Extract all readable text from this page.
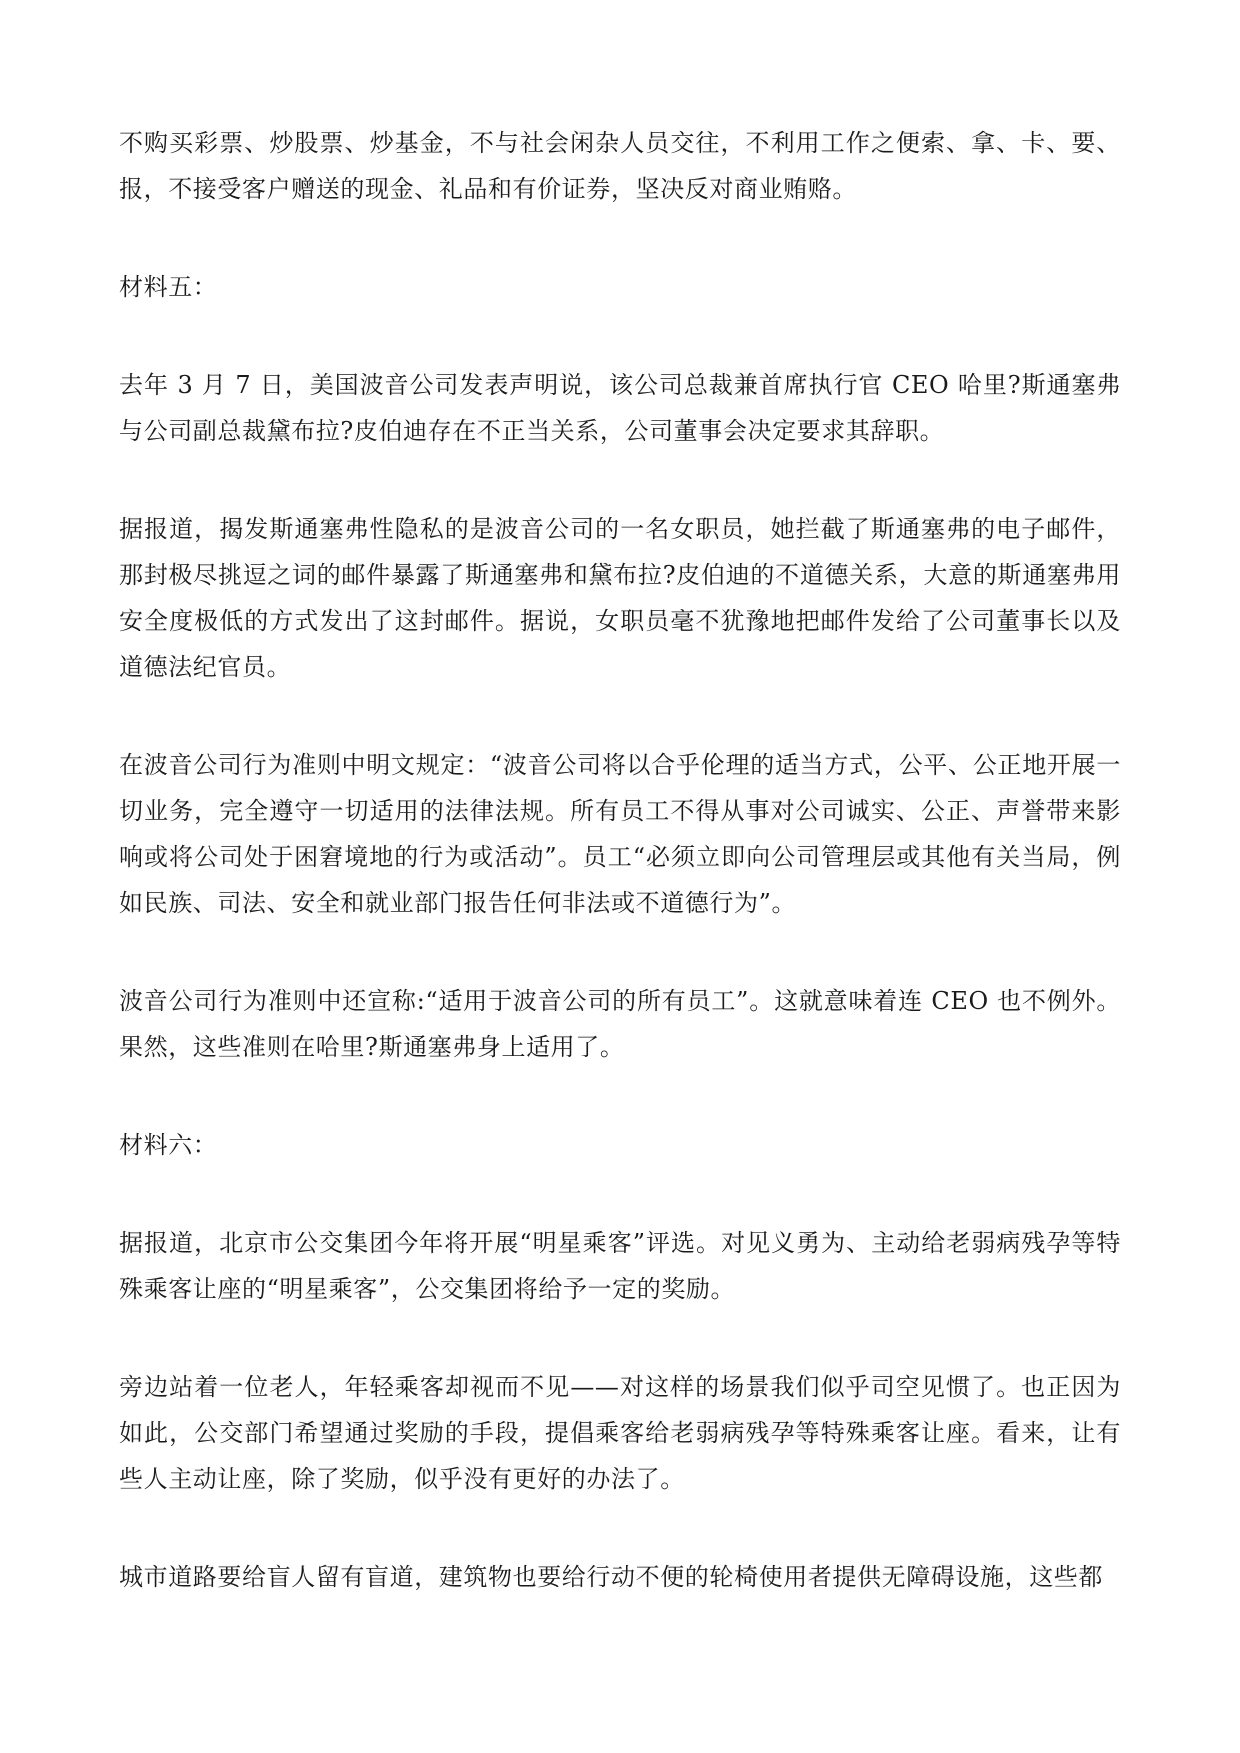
不购买彩票、炒股票、炒基金，不与社会闲杂人员交往，不利用工作之便索、拿、卡、要、报，不接受客户赠送的现金、礼品和有价证券，坚决反对商业贿赂。

材料五：

去年 3 月 7 日，美国波音公司发表声明说，该公司总裁兼首席执行官 CEO 哈里?斯通塞弗与公司副总裁黛布拉?皮伯迪存在不正当关系，公司董事会决定要求其辞职。

据报道，揭发斯通塞弗性隐私的是波音公司的一名女职员，她拦截了斯通塞弗的电子邮件，那封极尽挑逗之词的邮件暴露了斯通塞弗和黛布拉?皮伯迪的不道德关系，大意的斯通塞弗用安全度极低的方式发出了这封邮件。据说，女职员毫不犹豫地把邮件发给了公司董事长以及道德法纪官员。

在波音公司行为准则中明文规定：“波音公司将以合乎伦理的适当方式，公平、公正地开展一切业务，完全遵守一切适用的法律法规。所有员工不得从事对公司诚实、公正、声誉带来影响或将公司处于困窘境地的行为或活动”。员工“必须立即向公司管理层或其他有关当局，例如民族、司法、安全和就业部门报告任何非法或不道德行为”。

波音公司行为准则中还宣称:“适用于波音公司的所有员工”。这就意味着连 CEO 也不例外。果然，这些准则在哈里?斯通塞弗身上适用了。

材料六：

据报道，北京市公交集团今年将开展“明星乘客”评选。对见义勇为、主动给老弱病残孕等特殊乘客让座的“明星乘客”，公交集团将给予一定的奖励。

旁边站着一位老人，年轻乘客却视而不见——对这样的场景我们似乎司空见惯了。也正因为如此，公交部门希望通过奖励的手段，提倡乘客给老弱病残孕等特殊乘客让座。看来，让有些人主动让座，除了奖励，似乎没有更好的办法了。

城市道路要给盲人留有盲道，建筑物也要给行动不便的轮椅使用者提供无障碍设施，这些都
